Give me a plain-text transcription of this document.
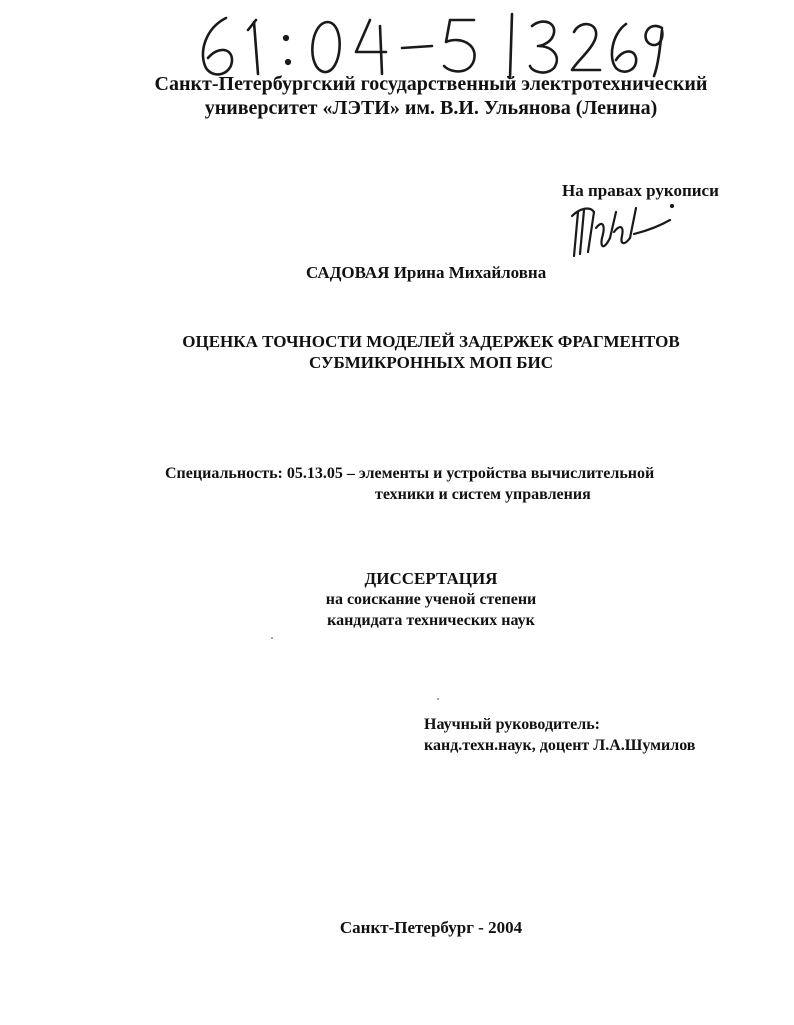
Санкт-Петербургский государственный электротехнический
университет «ЛЭТИ» им. В.И. Ульянова (Ленина)
На правах рукописи
САДОВАЯ Ирина Михайловна
ОЦЕНКА ТОЧНОСТИ МОДЕЛЕЙ ЗАДЕРЖЕК ФРАГМЕНТОВ
СУБМИКРОННЫХ МОП БИС
Специальность: 05.13.05 – элементы и устройства вычислительной
техники и систем управления
ДИССЕРТАЦИЯ
на соискание ученой степени
кандидата технических наук
Научный руководитель:
канд.техн.наук, доцент Л.А.Шумилов
Санкт-Петербург - 2004
